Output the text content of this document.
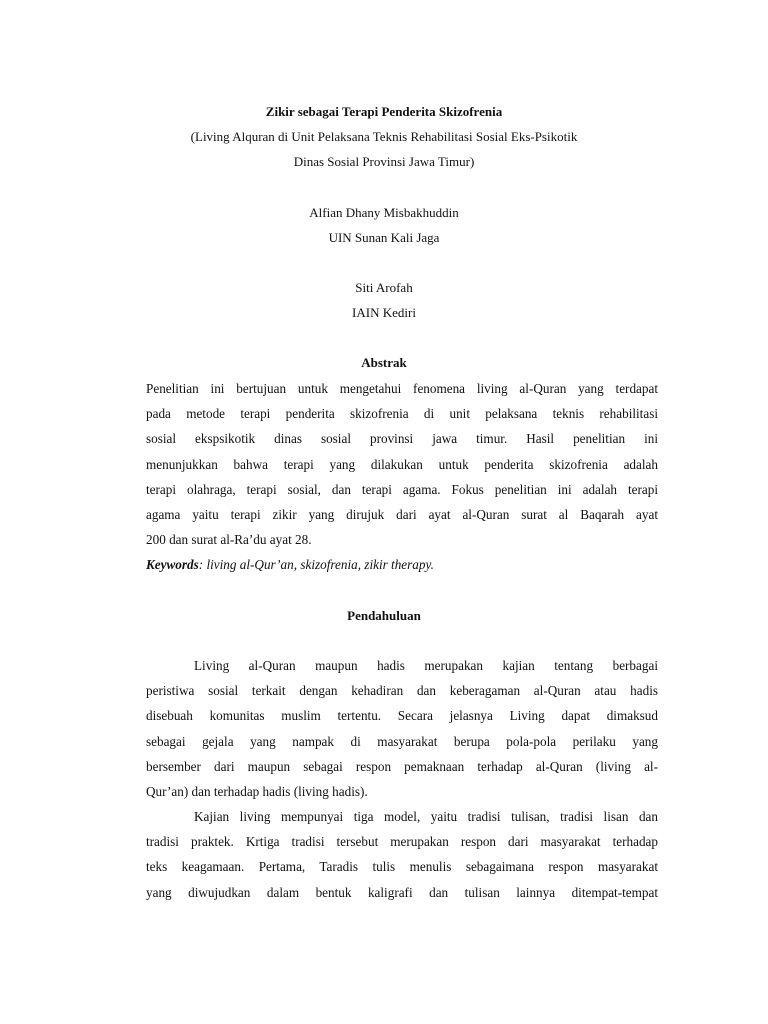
Zikir sebagai Terapi Penderita Skizofrenia
(Living Alquran di Unit Pelaksana Teknis Rehabilitasi Sosial Eks-Psikotik
Dinas Sosial Provinsi Jawa Timur)
Alfian Dhany Misbakhuddin
UIN Sunan Kali Jaga
Siti Arofah
IAIN Kediri
Abstrak
Penelitian ini bertujuan untuk mengetahui fenomena living al-Quran yang terdapat
pada metode terapi penderita skizofrenia di unit pelaksana teknis rehabilitasi
sosial ekspsikotik dinas sosial provinsi jawa timur. Hasil penelitian ini
menunjukkan bahwa terapi yang dilakukan untuk penderita skizofrenia adalah
terapi olahraga, terapi sosial, dan terapi agama. Fokus penelitian ini adalah terapi
agama yaitu terapi zikir yang dirujuk dari ayat al-Quran surat al Baqarah ayat
200 dan surat al-Ra’du ayat 28.
Keywords: living al-Qur’an, skizofrenia, zikir therapy.
Pendahuluan
Living al-Quran maupun hadis merupakan kajian tentang berbagai
peristiwa sosial terkait dengan kehadiran dan keberagaman al-Quran atau hadis
disebuah komunitas muslim tertentu. Secara jelasnya Living dapat dimaksud
sebagai gejala yang nampak di masyarakat berupa pola-pola perilaku yang
bersember dari maupun sebagai respon pemaknaan terhadap al-Quran (living al-
Qur’an) dan terhadap hadis (living hadis).
Kajian living mempunyai tiga model, yaitu tradisi tulisan, tradisi lisan dan
tradisi praktek. Krtiga tradisi tersebut merupakan respon dari masyarakat terhadap
teks keagamaan. Pertama, Taradis tulis menulis sebagaimana respon masyarakat
yang diwujudkan dalam bentuk kaligrafi dan tulisan lainnya ditempat-tempat
